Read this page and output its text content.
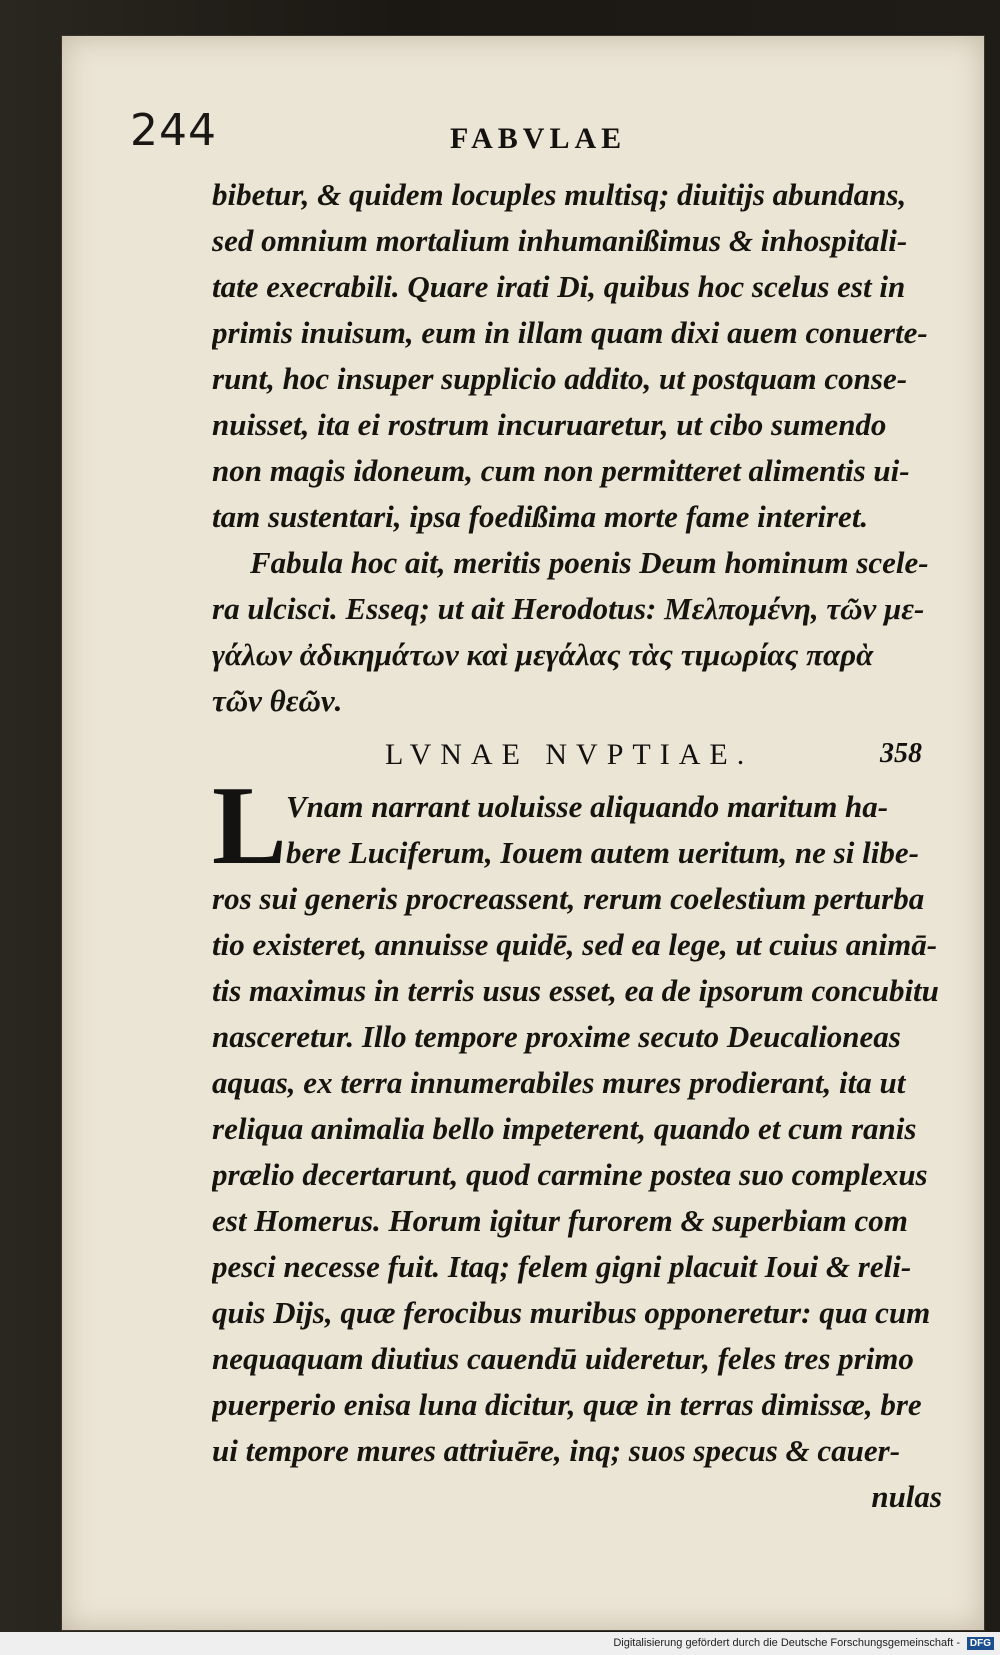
244	FABVLAE
bibetur, & quidem locuples multisq; diuitijs abundans,
sed omnium mortalium inhumanißimus & inhospitali-
tate execrabili. Quare irati Di, quibus hoc scelus est in
primis inuisum, eum in illam quam dixi auem conuerte-
runt, hoc insuper supplicio addito, ut postquam conse-
nuisset, ita ei rostrum incuruaretur, ut cibo sumendo
non magis idoneum, cum non permitteret alimentis ui-
tam sustentari, ipsa foedißima morte fame interiret.
Fabula hoc ait, meritis poenis Deum hominum scele-
ra ulcisci. Esseq; ut ait Herodotus: Μελπομένη, τῶν με-
γάλων ἀδικημάτων καὶ μεγάλας τὰς τιμωρίας παρὰ
τῶν θεῶν.
LVNAE NVPTIAE.	358
L Vnam narrant uoluisse aliquando maritum ha-
bere Luciferum, Iouem autem ueritum, ne si libe-
ros sui generis procreassent, rerum coelestium perturba
tio existeret, annuisse quidē, sed ea lege, ut cuius animā-
tis maximus in terris usus esset, ea de ipsorum concubitu
nasceretur. Illo tempore proxime secuto Deucalioneas
aquas, ex terra innumerabiles mures prodierant, ita ut
reliqua animalia bello impeterent, quando et cum ranis
prælio decertarunt, quod carmine postea suo complexus
est Homerus. Horum igitur furorem & superbiam com
pesci necesse fuit. Itaq; felem gigni placuit Ioui & reli-
quis Dijs, quæ ferocibus muribus opponeretur: qua cum
nequaquam diutius cauendū uideretur, feles tres primo
puerperio enisa luna dicitur, quæ in terras dimissæ, bre
ui tempore mures attriuēre, inq; suos specus & cauer-
nulas
Digitalisierung gefördert durch die Deutsche Forschungsgemeinschaft - DFG
